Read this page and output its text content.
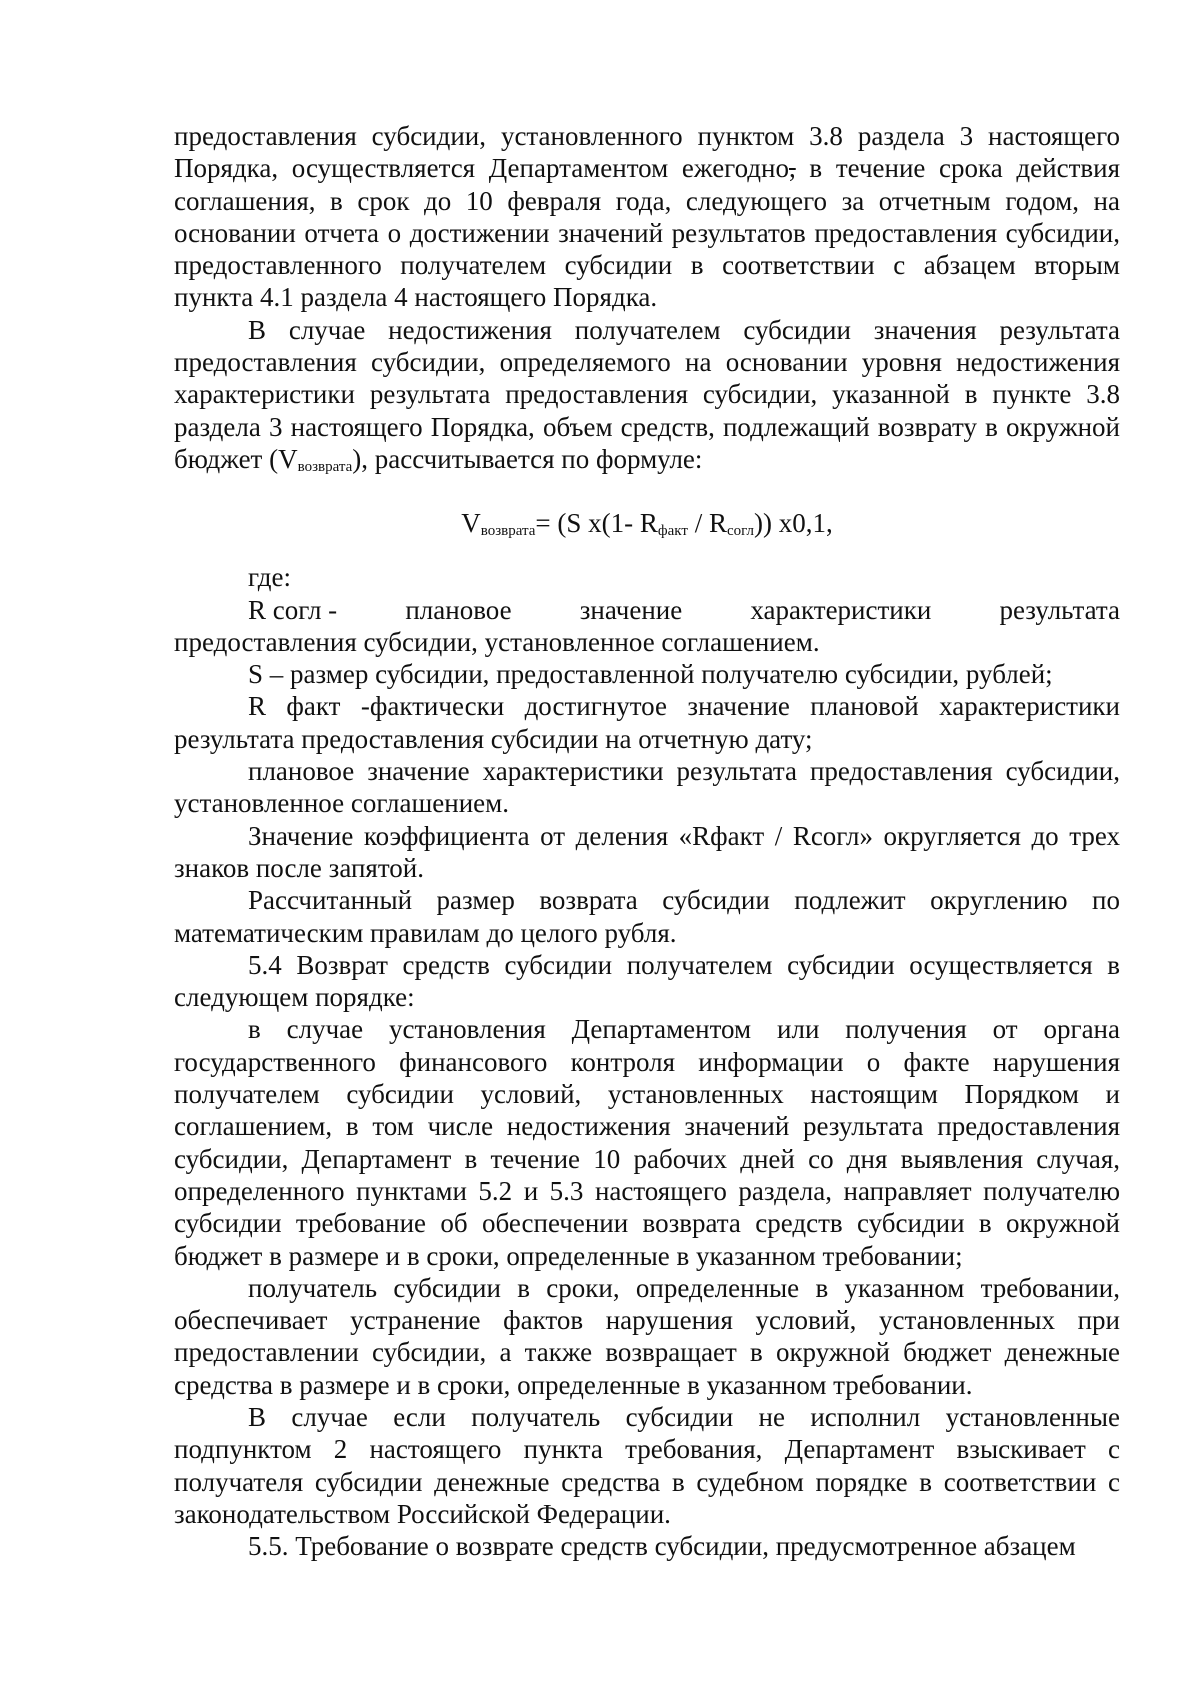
предоставления субсидии, установленного пунктом 3.8 раздела 3 настоящего Порядка, осуществляется Департаментом ежегодно, в течение срока действия соглашения, в срок до 10 февраля года, следующего за отчетным годом, на основании отчета о достижении значений результатов предоставления субсидии, предоставленного получателем субсидии в соответствии с абзацем вторым пункта 4.1 раздела 4 настоящего Порядка.

В случае недостижения получателем субсидии значения результата предоставления субсидии, определяемого на основании уровня недостижения характеристики результата предоставления субсидии, указанной в пункте 3.8 раздела 3 настоящего Порядка, объем средств, подлежащий возврату в окружной бюджет (Vвозврата), рассчитывается по формуле:

$V_{возврата}= (S$ x(1- $R_{факт} / R_{согл}$)) x0,1,

где:

R согл -	плановое	значение	характеристики	результата

предоставления субсидии, установленное соглашением.

S – размер субсидии, предоставленной получателю субсидии, рублей;

R факт -фактически достигнутое значение плановой характеристики результата предоставления субсидии на отчетную дату;

плановое значение характеристики результата предоставления субсидии, установленное соглашением.

Значение коэффициента от деления «Rфакт / Rсогл» округляется до трех знаков после запятой.

Рассчитанный размер возврата субсидии подлежит округлению по математическим правилам до целого рубля.

5.4 Возврат средств субсидии получателем субсидии осуществляется в следующем порядке:

в случае установления Департаментом или получения от органа государственного финансового контроля информации о факте нарушения получателем субсидии условий, установленных настоящим Порядком и соглашением, в том числе недостижения значений результата предоставления субсидии, Департамент в течение 10 рабочих дней со дня выявления случая, определенного пунктами 5.2 и 5.3 настоящего раздела, направляет получателю субсидии требование об обеспечении возврата средств субсидии в окружной бюджет в размере и в сроки, определенные в указанном требовании;

получатель субсидии в сроки, определенные в указанном требовании, обеспечивает устранение фактов нарушения условий, установленных при предоставлении субсидии, а также возвращает в окружной бюджет денежные средства в размере и в сроки, определенные в указанном требовании.

В случае если получатель субсидии не исполнил установленные подпунктом 2 настоящего пункта требования, Департамент взыскивает с получателя субсидии денежные средства в судебном порядке в соответствии с законодательством Российской Федерации.

5.5. Требование о возврате средств субсидии, предусмотренное абзацем
